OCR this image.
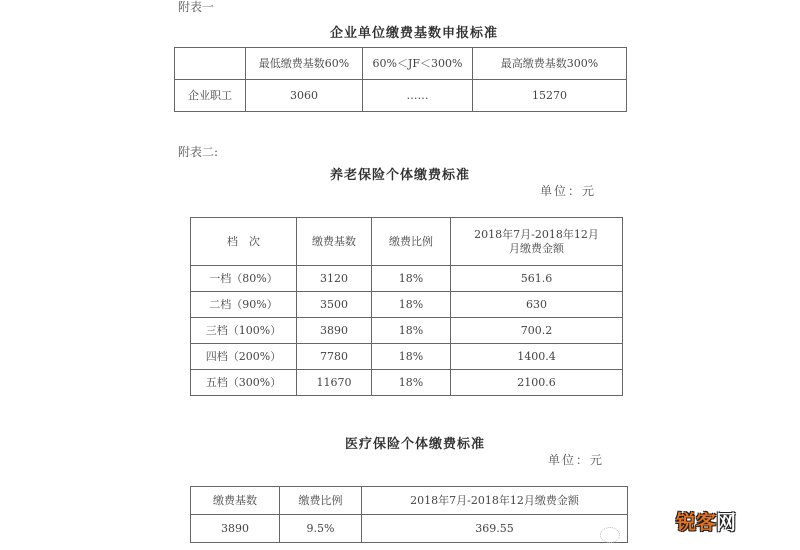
附表一
企业单位缴费基数申报标准
	最低缴费基数60%	60%＜JF＜300%	最高缴费基数300%
企业职工	3060	……	15270
附表二:
养老保险个体缴费标准
单位：元
档　次	缴费基数	缴费比例	2018年7月-2018年12月
月缴费金额

一档（80%）	3120	18%	561.6
二档（90%）	3500	18%	630
三档（100%）	3890	18%	700.2
四档（200%）	7780	18%	1400.4
五档（300%）	11670	18%	2100.6
医疗保险个体缴费标准
单位：元
缴费基数	缴费比例	2018年7月-2018年12月缴费金额
3890	9.5%	369.55	锐客网
